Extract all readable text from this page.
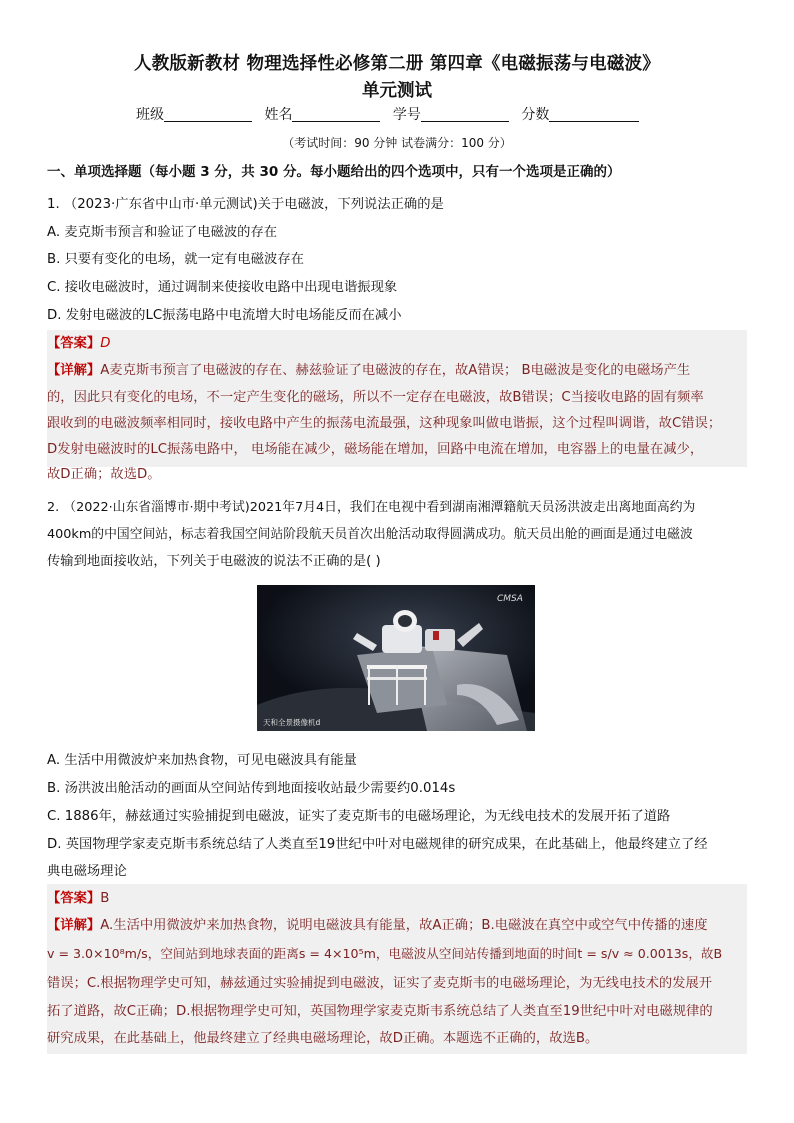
人教版新教材 物理选择性必修第二册 第四章《电磁振荡与电磁波》
单元测试
班级	姓名	学号	分数
（考试时间：90 分钟 试卷满分：100 分）
一、单项选择题（每小题 3 分，共 30 分。每小题给出的四个选项中，只有一个选项是正确的）
1. （2023·广东省中山市·单元测试)关于电磁波，下列说法正确的是
A. 麦克斯韦预言和验证了电磁波的存在
B. 只要有变化的电场，就一定有电磁波存在
C. 接收电磁波时，通过调制来使接收电路中出现电谐振现象
D. 发射电磁波的LC振荡电路中电流增大时电场能反而在减小
【答案】D
【详解】A麦克斯韦预言了电磁波的存在、赫兹验证了电磁波的存在，故A错误； B电磁波是变化的电磁场产生
的，因此只有变化的电场，不一定产生变化的磁场，所以不一定存在电磁波，故B错误；C当接收电路的固有频率
跟收到的电磁波频率相同时，接收电路中产生的振荡电流最强，这种现象叫做电谐振，这个过程叫调谐，故C错误；
D发射电磁波时的LC振荡电路中， 电场能在减少，磁场能在增加，回路中电流在增加，电容器上的电量在减少，
故D正确；故选D。
2. （2022·山东省淄博市·期中考试)2021年7月4日，我们在电视中看到湖南湘潭籍航天员汤洪波走出离地面高约为
400km的中国空间站，标志着我国空间站阶段航天员首次出舱活动取得圆满成功。航天员出舱的画面是通过电磁波
传输到地面接收站，下列关于电磁波的说法不正确的是( )
CMSA
天和全景摄像机d
A. 生活中用微波炉来加热食物，可见电磁波具有能量
B. 汤洪波出舱活动的画面从空间站传到地面接收站最少需要约0.014s
C. 1886年，赫兹通过实验捕捉到电磁波，证实了麦克斯韦的电磁场理论，为无线电技术的发展开拓了道路
D. 英国物理学家麦克斯韦系统总结了人类直至19世纪中叶对电磁规律的研究成果，在此基础上，他最终建立了经
典电磁场理论
【答案】B
【详解】A.生活中用微波炉来加热食物，说明电磁波具有能量，故A正确；B.电磁波在真空中或空气中传播的速度
v = 3.0×10⁸m/s，空间站到地球表面的距离s = 4×10⁵m，电磁波从空间站传播到地面的时间t = s/v ≈ 0.0013s，故B
错误；C.根据物理学史可知，赫兹通过实验捕捉到电磁波，证实了麦克斯韦的电磁场理论，为无线电技术的发展开
拓了道路，故C正确；D.根据物理学史可知，英国物理学家麦克斯韦系统总结了人类直至19世纪中叶对电磁规律的
研究成果，在此基础上，他最终建立了经典电磁场理论，故D正确。本题选不正确的，故选B。
